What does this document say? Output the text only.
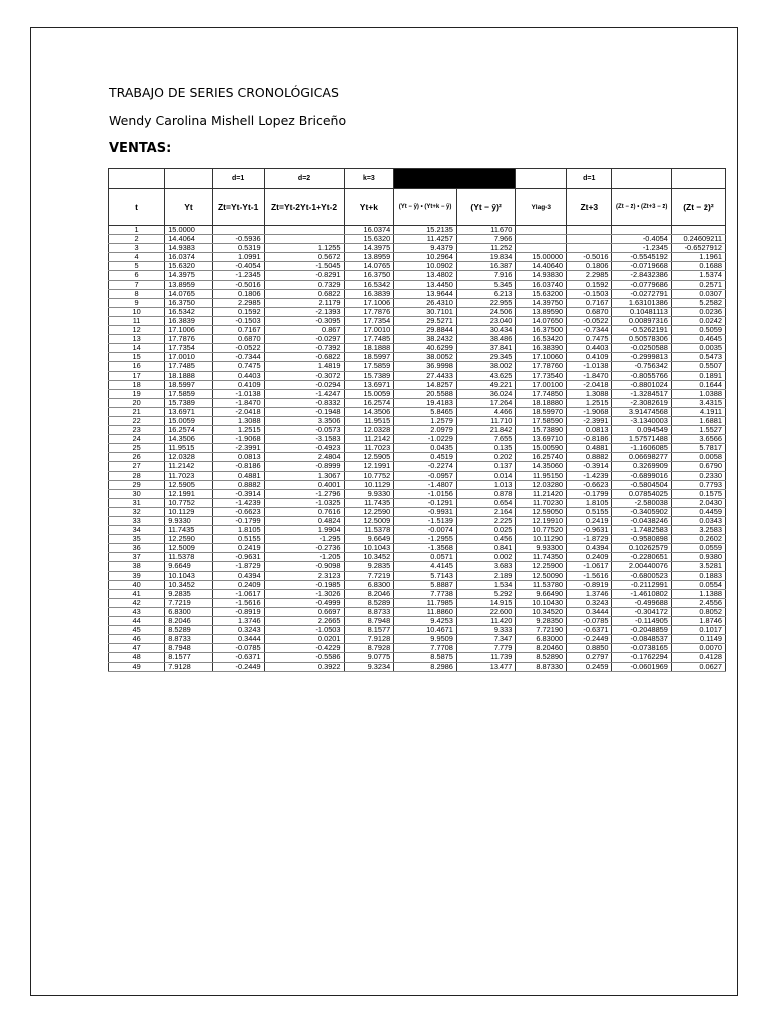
TRABAJO DE SERIES CRONOLÓGICAS
Wendy Carolina Mishell Lopez Briceño
VENTAS:
		d=1	d=2		k=3				d=1		
t	Yt	Zt=Yt-Yt-1	Zt=Yt-2Yt-1+Yt-2		Yt+k	(Yt − ȳ) • (Yt+k − ȳ)	(Yt − ȳ)²		Ylag-3	Zt+3	(Zt − z̄) • (Zt+3 − z̄)	(Zt − z̄)²
1	15.0000				16.0374	15.2135	11.670					
2	14.4064	-0.5936			15.6320	11.4257	7.966				-0.4054	0.24609211
3	14.9383	0.5319	1.1255		14.3975	9.4379	11.252				-1.2345	-0.6527912
4	16.0374	1.0991	0.5672		13.8959	10.2964	19.834		15.00000	-0.5016	-0.5545192	1.1961
5	15.6320	-0.4054	-1.5045		14.0765	10.0902	16.387		14.40640	0.1806	-0.0719668	0.1688
6	14.3975	-1.2345	-0.8291		16.3750	13.4802	7.916		14.93830	2.2985	-2.8432386	1.5374
7	13.8959	-0.5016	0.7329		16.5342	13.4450	5.345		16.03740	0.1592	-0.0779686	0.2571
8	14.0765	0.1806	0.6822		16.3839	13.9644	6.213		15.63200	-0.1503	-0.0272791	0.0307
9	16.3750	2.2985	2.1179		17.1006	26.4310	22.955		14.39750	0.7167	1.63101386	5.2582
10	16.5342	0.1592	-2.1393		17.7876	30.7101	24.506		13.89590	0.6870	0.10481113	0.0236
11	16.3839	-0.1503	-0.3095		17.7354	29.5271	23.040		14.07650	-0.0522	0.00897316	0.0242
12	17.1006	0.7167	0.867		17.0010	29.8844	30.434		16.37500	-0.7344	-0.5262191	0.5059
13	17.7876	0.6870	-0.0297		17.7485	38.2432	38.486		16.53420	0.7475	0.50578306	0.4645
14	17.7354	-0.0522	-0.7392		18.1888	40.6299	37.841		16.38390	0.4403	-0.0250588	0.0035
15	17.0010	-0.7344	-0.6822		18.5997	38.0052	29.345		17.10060	0.4109	-0.2999813	0.5473
16	17.7485	0.7475	1.4819		17.5859	36.9998	38.002		17.78760	-1.0138	-0.756342	0.5507
17	18.1888	0.4403	-0.3072		15.7389	27.4433	43.625		17.73540	-1.8470	-0.8055766	0.1891
18	18.5997	0.4109	-0.0294		13.6971	14.8257	49.221		17.00100	-2.0418	-0.8801024	0.1644
19	17.5859	-1.0138	-1.4247		15.0059	20.5588	36.024		17.74850	1.3088	-1.3284517	1.0388
20	15.7389	-1.8470	-0.8332		16.2574	19.4183	17.264		18.18880	1.2515	-2.3082619	3.4315
21	13.6971	-2.0418	-0.1948		14.3506	5.8465	4.466		18.59970	-1.9068	3.91474568	4.1911
22	15.0059	1.3088	3.3506		11.9515	1.2579	11.710		17.58590	-2.3991	-3.1340003	1.6881
23	16.2574	1.2515	-0.0573		12.0328	2.0979	21.842		15.73890	0.0813	0.094549	1.5527
24	14.3506	-1.9068	-3.1583		11.2142	-1.0229	7.655		13.69710	-0.8186	1.57571488	3.6566
25	11.9515	-2.3991	-0.4923		11.7023	0.0435	0.135		15.00590	0.4881	-1.1606085	5.7817
26	12.0328	0.0813	2.4804		12.5905	0.4519	0.202		16.25740	0.8882	0.06698277	0.0058
27	11.2142	-0.8186	-0.8999		12.1991	-0.2274	0.137		14.35060	-0.3914	0.3269909	0.6790
28	11.7023	0.4881	1.3067		10.7752	-0.0957	0.014		11.95150	-1.4239	-0.6899016	0.2330
29	12.5905	0.8882	0.4001		10.1129	-1.4807	1.013		12.03280	-0.6623	-0.5804504	0.7793
30	12.1991	-0.3914	-1.2796		9.9330	-1.0156	0.878		11.21420	-0.1799	0.07854025	0.1575
31	10.7752	-1.4239	-1.0325		11.7435	-0.1291	0.654		11.70230	1.8105	-2.580038	2.0430
32	10.1129	-0.6623	0.7616		12.2590	-0.9931	2.164		12.59050	0.5155	-0.3405902	0.4459
33	9.9330	-0.1799	0.4824		12.5009	-1.5139	2.225		12.19910	0.2419	-0.0438246	0.0343
34	11.7435	1.8105	1.9904		11.5378	-0.0074	0.025		10.77520	-0.9631	-1.7482583	3.2583
35	12.2590	0.5155	-1.295		9.6649	-1.2955	0.456		10.11290	-1.8729	-0.9580898	0.2602
36	12.5009	0.2419	-0.2736		10.1043	-1.3568	0.841		9.93300	0.4394	0.10262579	0.0559
37	11.5378	-0.9631	-1.205		10.3452	0.0571	0.002		11.74350	0.2409	-0.2280651	0.9380
38	9.6649	-1.8729	-0.9098		9.2835	4.4145	3.683		12.25900	-1.0617	2.00440076	3.5281
39	10.1043	0.4394	2.3123		7.7219	5.7143	2.189		12.50090	-1.5616	-0.6800523	0.1883
40	10.3452	0.2409	-0.1985		6.8300	5.8887	1.534		11.53780	-0.8919	-0.2112991	0.0554
41	9.2835	-1.0617	-1.3026		8.2046	7.7738	5.292		9.66490	1.3746	-1.4610802	1.1388
42	7.7219	-1.5616	-0.4999		8.5289	11.7985	14.915		10.10430	0.3243	-0.499688	2.4556
43	6.8300	-0.8919	0.6697		8.8733	11.8860	22.600		10.34520	0.3444	-0.304172	0.8052
44	8.2046	1.3746	2.2665		8.7948	9.4253	11.420		9.28350	-0.0785	-0.114905	1.8746
45	8.5289	0.3243	-1.0503		8.1577	10.4671	9.333		7.72190	-0.6371	-0.2048859	0.1017
46	8.8733	0.3444	0.0201		7.9128	9.9509	7.347		6.83000	-0.2449	-0.0848537	0.1149
47	8.7948	-0.0785	-0.4229		8.7928	7.7708	7.779		8.20460	0.8850	-0.0738165	0.0070
48	8.1577	-0.6371	-0.5586		9.0775	8.5875	11.739		8.52890	0.2797	-0.1762294	0.4128
49	7.9128	-0.2449	0.3922		9.3234	8.2986	13.477		8.87330	0.2459	-0.0601969	0.0627
